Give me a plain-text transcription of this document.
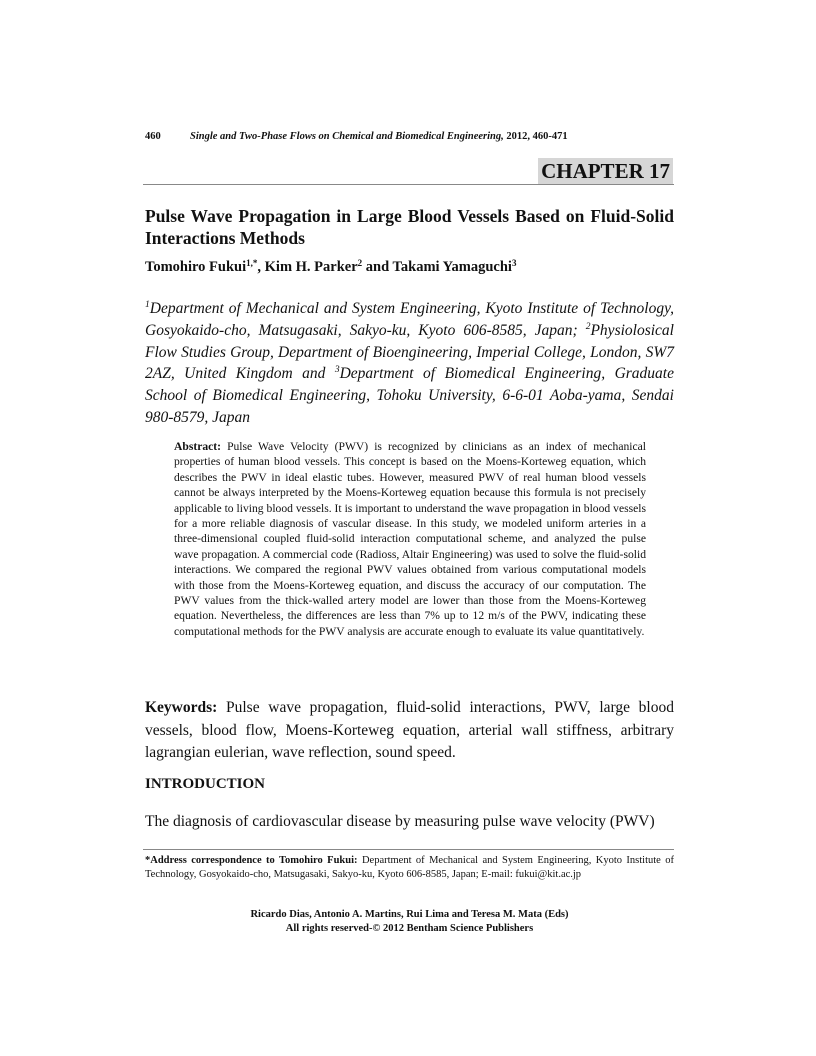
460	Single and Two-Phase Flows on Chemical and Biomedical Engineering, 2012, 460-471
CHAPTER 17
Pulse Wave Propagation in Large Blood Vessels Based on Fluid-Solid Interactions Methods
Tomohiro Fukui$^{1,*}$, Kim H. Parker$^2$ and Takami Yamaguchi$^3$

$^1$Department of Mechanical and System Engineering, Kyoto Institute of Technology, Gosyokaido-cho, Matsugasaki, Sakyo-ku, Kyoto 606-8585, Japan; $^2$Physiolosical Flow Studies Group, Department of Bioengineering, Imperial College, London, SW7 2AZ, United Kingdom and $^3$Department of Biomedical Engineering, Graduate School of Biomedical Engineering, Tohoku University, 6-6-01 Aoba-yama, Sendai 980-8579, Japan

Abstract: Pulse Wave Velocity (PWV) is recognized by clinicians as an index of mechanical properties of human blood vessels. This concept is based on the Moens-Korteweg equation, which describes the PWV in ideal elastic tubes. However, measured PWV of real human blood vessels cannot be always interpreted by the Moens-Korteweg equation because this formula is not precisely applicable to living blood vessels. It is important to understand the wave propagation in blood vessels for a more reliable diagnosis of vascular disease. In this study, we modeled uniform arteries in a three-dimensional coupled fluid-solid interaction computational scheme, and analyzed the pulse wave propagation. A commercial code (Radioss, Altair Engineering) was used to solve the fluid-solid interactions. We compared the regional PWV values obtained from various computational models with those from the Moens-Korteweg equation, and discuss the accuracy of our computation. The PWV values from the thick-walled artery model are lower than those from the Moens-Korteweg equation. Nevertheless, the differences are less than 7% up to 12 m/s of the PWV, indicating these computational methods for the PWV analysis are accurate enough to evaluate its value quantitatively.
Keywords: Pulse wave propagation, fluid-solid interactions, PWV, large blood vessels, blood flow, Moens-Korteweg equation, arterial wall stiffness, arbitrary lagrangian eulerian, wave reflection, sound speed.
INTRODUCTION
The diagnosis of cardiovascular disease by measuring pulse wave velocity (PWV)
*Address correspondence to Tomohiro Fukui: Department of Mechanical and System Engineering, Kyoto Institute of Technology, Gosyokaido-cho, Matsugasaki, Sakyo-ku, Kyoto 606-8585, Japan; E-mail: fukui@kit.ac.jp
Ricardo Dias, Antonio A. Martins, Rui Lima and Teresa M. Mata (Eds)
All rights reserved-© 2012 Bentham Science Publishers
